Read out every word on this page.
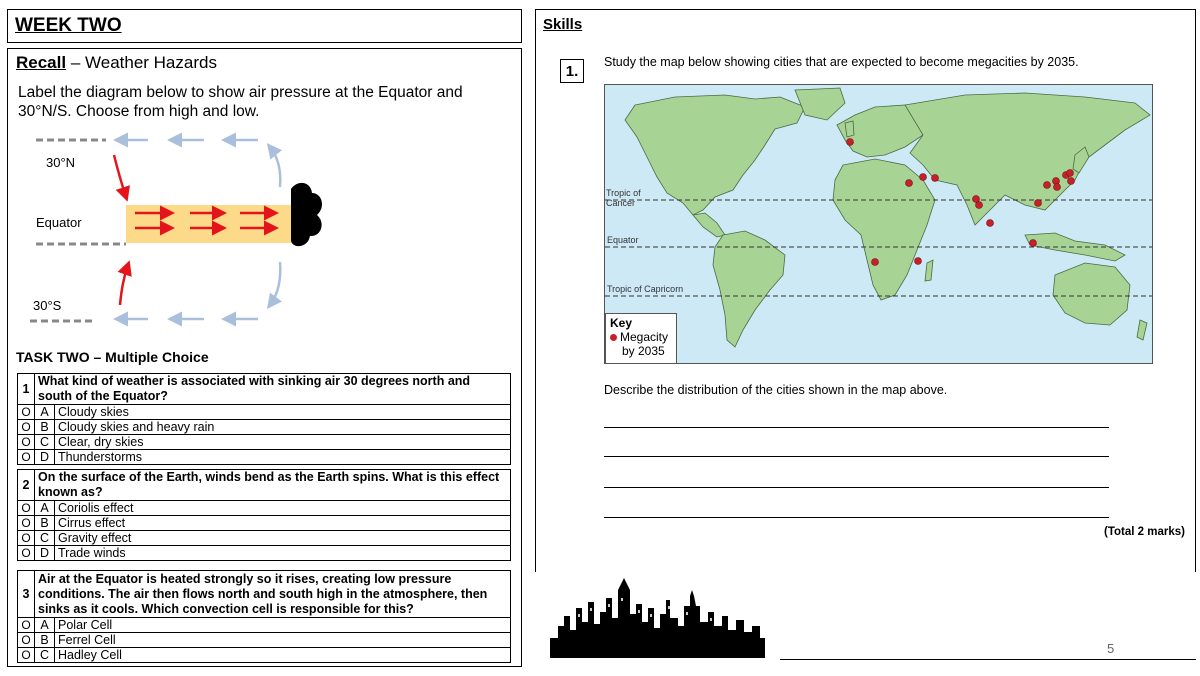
WEEK TWO
Recall – Weather Hazards
Label the diagram below to show air pressure at the Equator and 30°N/S. Choose from high and low.
30°N
Equator
30°S
TASK TWO – Multiple Choice
1	What kind of weather is associated with sinking air 30 degrees north and south of the Equator?	
O	A	Cloudy skies
O	B	Cloudy skies and heavy rain
O	C	Clear, dry skies
O	D	Thunderstorms
2	On the surface of the Earth, winds bend as the Earth spins. What is this effect known as?	
O	A	Coriolis effect
O	B	Cirrus effect
O	C	Gravity effect
O	D	Trade winds
3	Air at the Equator is heated strongly so it rises, creating low pressure conditions. The air then flows north and south high in the atmosphere, then sinks as it cools. Which convection cell is responsible for this?	
O	A	Polar Cell
O	B	Ferrel Cell
O	C	Hadley Cell
Skills
1.
Study the map below showing cities that are expected to become megacities by 2035.
Tropic of
Cancer
Equator
Tropic of Capricorn
Key
Megacity
by 2035
Describe the distribution of the cities shown in the map above.
(Total 2 marks)
5
